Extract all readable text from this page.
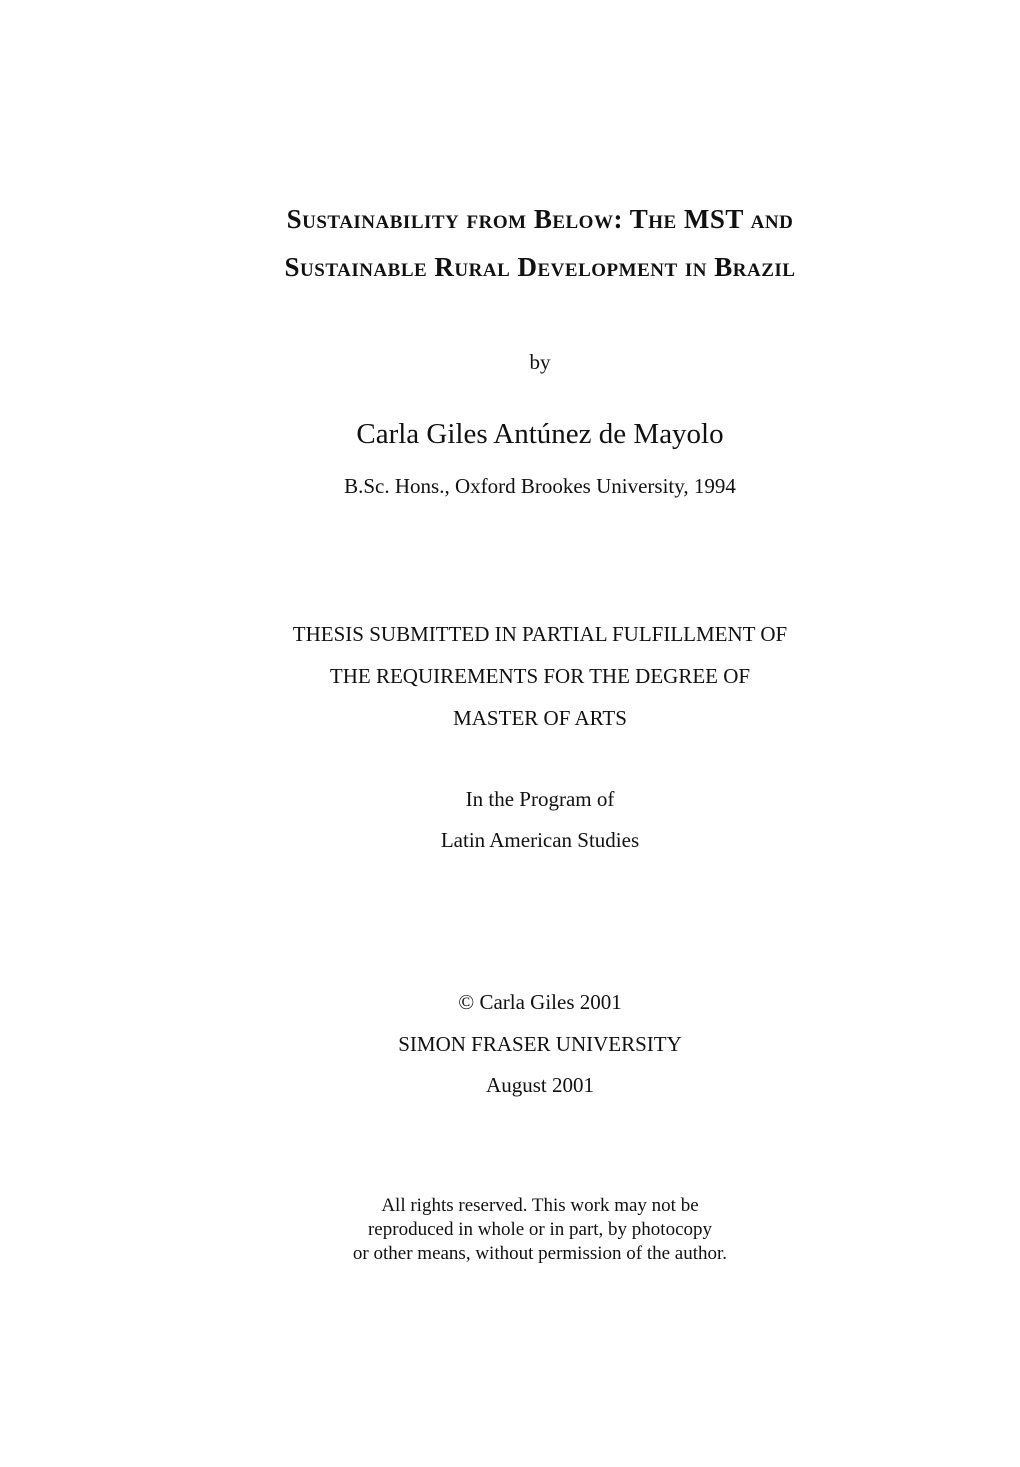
Sustainability from Below: The MST and
Sustainable Rural Development in Brazil
by
Carla Giles Antúnez de Mayolo
B.Sc. Hons., Oxford Brookes University, 1994
THESIS SUBMITTED IN PARTIAL FULFILLMENT OF
THE REQUIREMENTS FOR THE DEGREE OF
MASTER OF ARTS
In the Program of
Latin American Studies
© Carla Giles 2001
SIMON FRASER UNIVERSITY
August 2001
All rights reserved. This work may not be
reproduced in whole or in part, by photocopy
or other means, without permission of the author.
